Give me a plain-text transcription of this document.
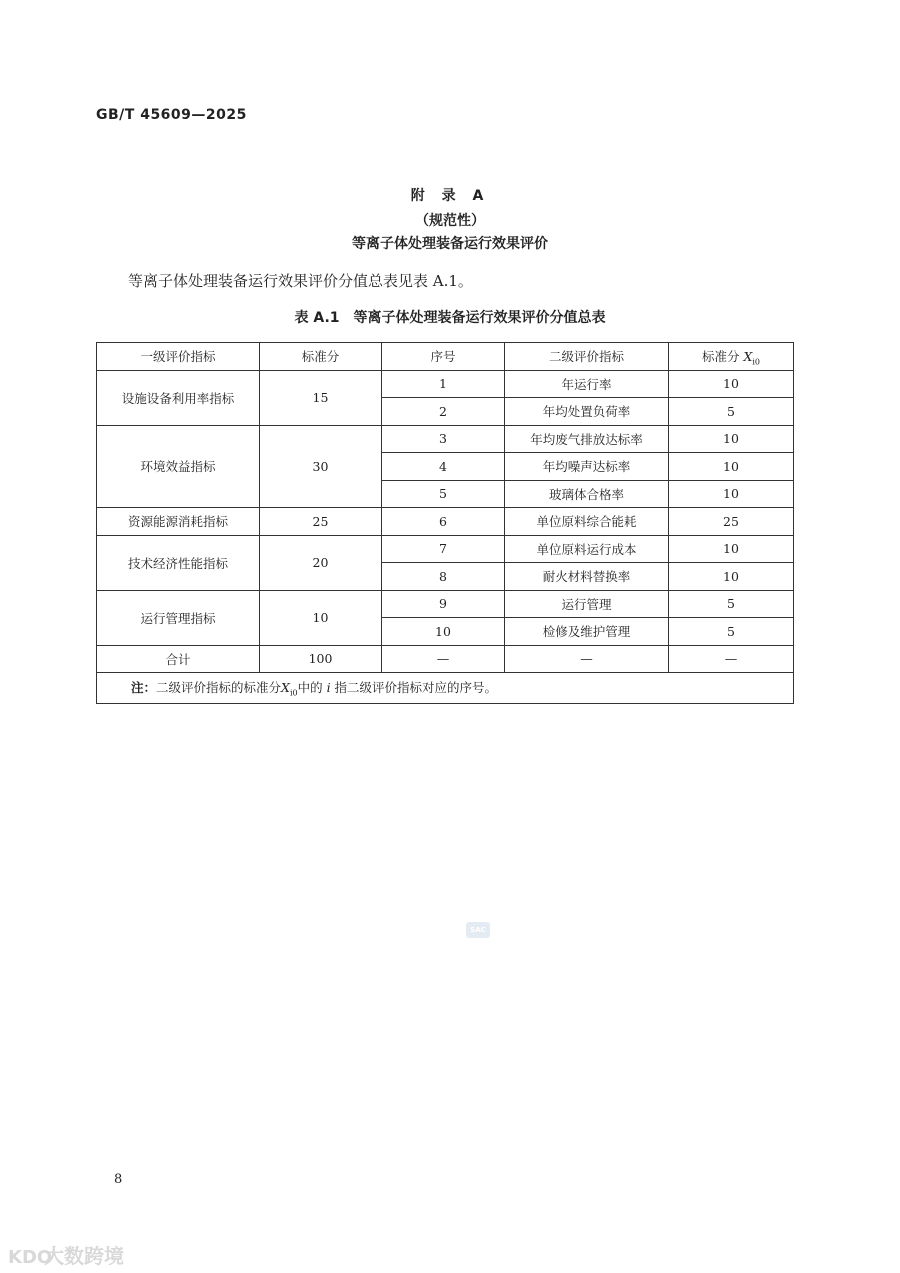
GB/T 45609—2025
附 录 A
（规范性）
等离子体处理装备运行效果评价
等离子体处理装备运行效果评价分值总表见表 A.1。
表 A.1 等离子体处理装备运行效果评价分值总表
一级评价指标	标准分	序号	二级评价指标	标准分 $X_{i0}$
设施设备利用率指标	15	1	年运行率	10
		2	年均处置负荷率	5
环境效益指标	30	3	年均废气排放达标率	10
		4	年均噪声达标率	10
		5	玻璃体合格率	10
资源能源消耗指标	25	6	单位原料综合能耗	25
技术经济性能指标	20	7	单位原料运行成本	10
		8	耐火材料替换率	10
运行管理指标	10	9	运行管理	5
		10	检修及维护管理	5
合计	100	—	—	—
注：二级评价指标的标准分$X_{i0}$中的 i 指二级评价指标对应的序号。				
SAC
8
KDO大数跨境
